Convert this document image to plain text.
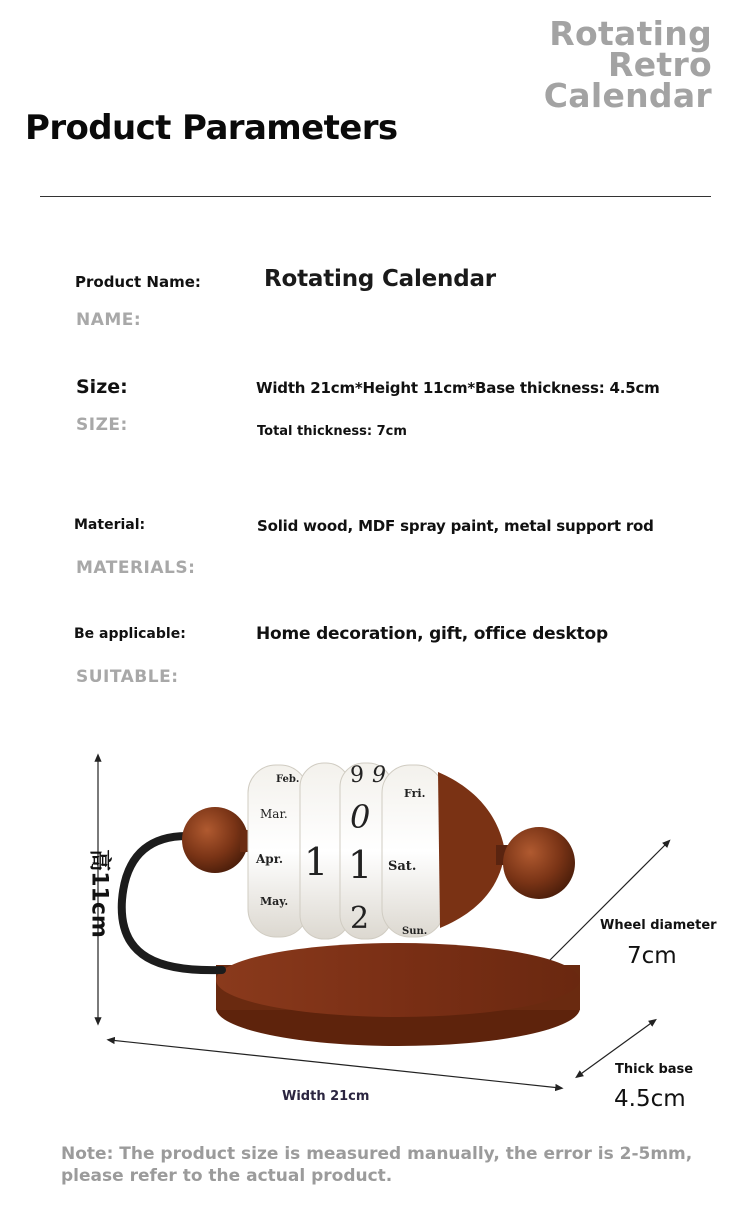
Rotating
Retro
Calendar
Product Parameters
Product Name:
NAME:
Rotating Calendar
Size:
SIZE:
Width 21cm*Height 11cm*Base thickness: 4.5cm
Total thickness: 7cm
Material:
MATERIALS:
Solid wood, MDF spray paint, metal support rod
Be applicable:
SUITABLE:
Home decoration, gift, office desktop
Feb.
Mar.
Apr.
May.
1
9
0
1
2
9
Fri.
Sat.
Sun.
高11cm	Wheel diameter
7cm
Thick base
4.5cm
Width 21cm
Note: The product size is measured manually, the error is 2-5mm, please refer to the actual product.
